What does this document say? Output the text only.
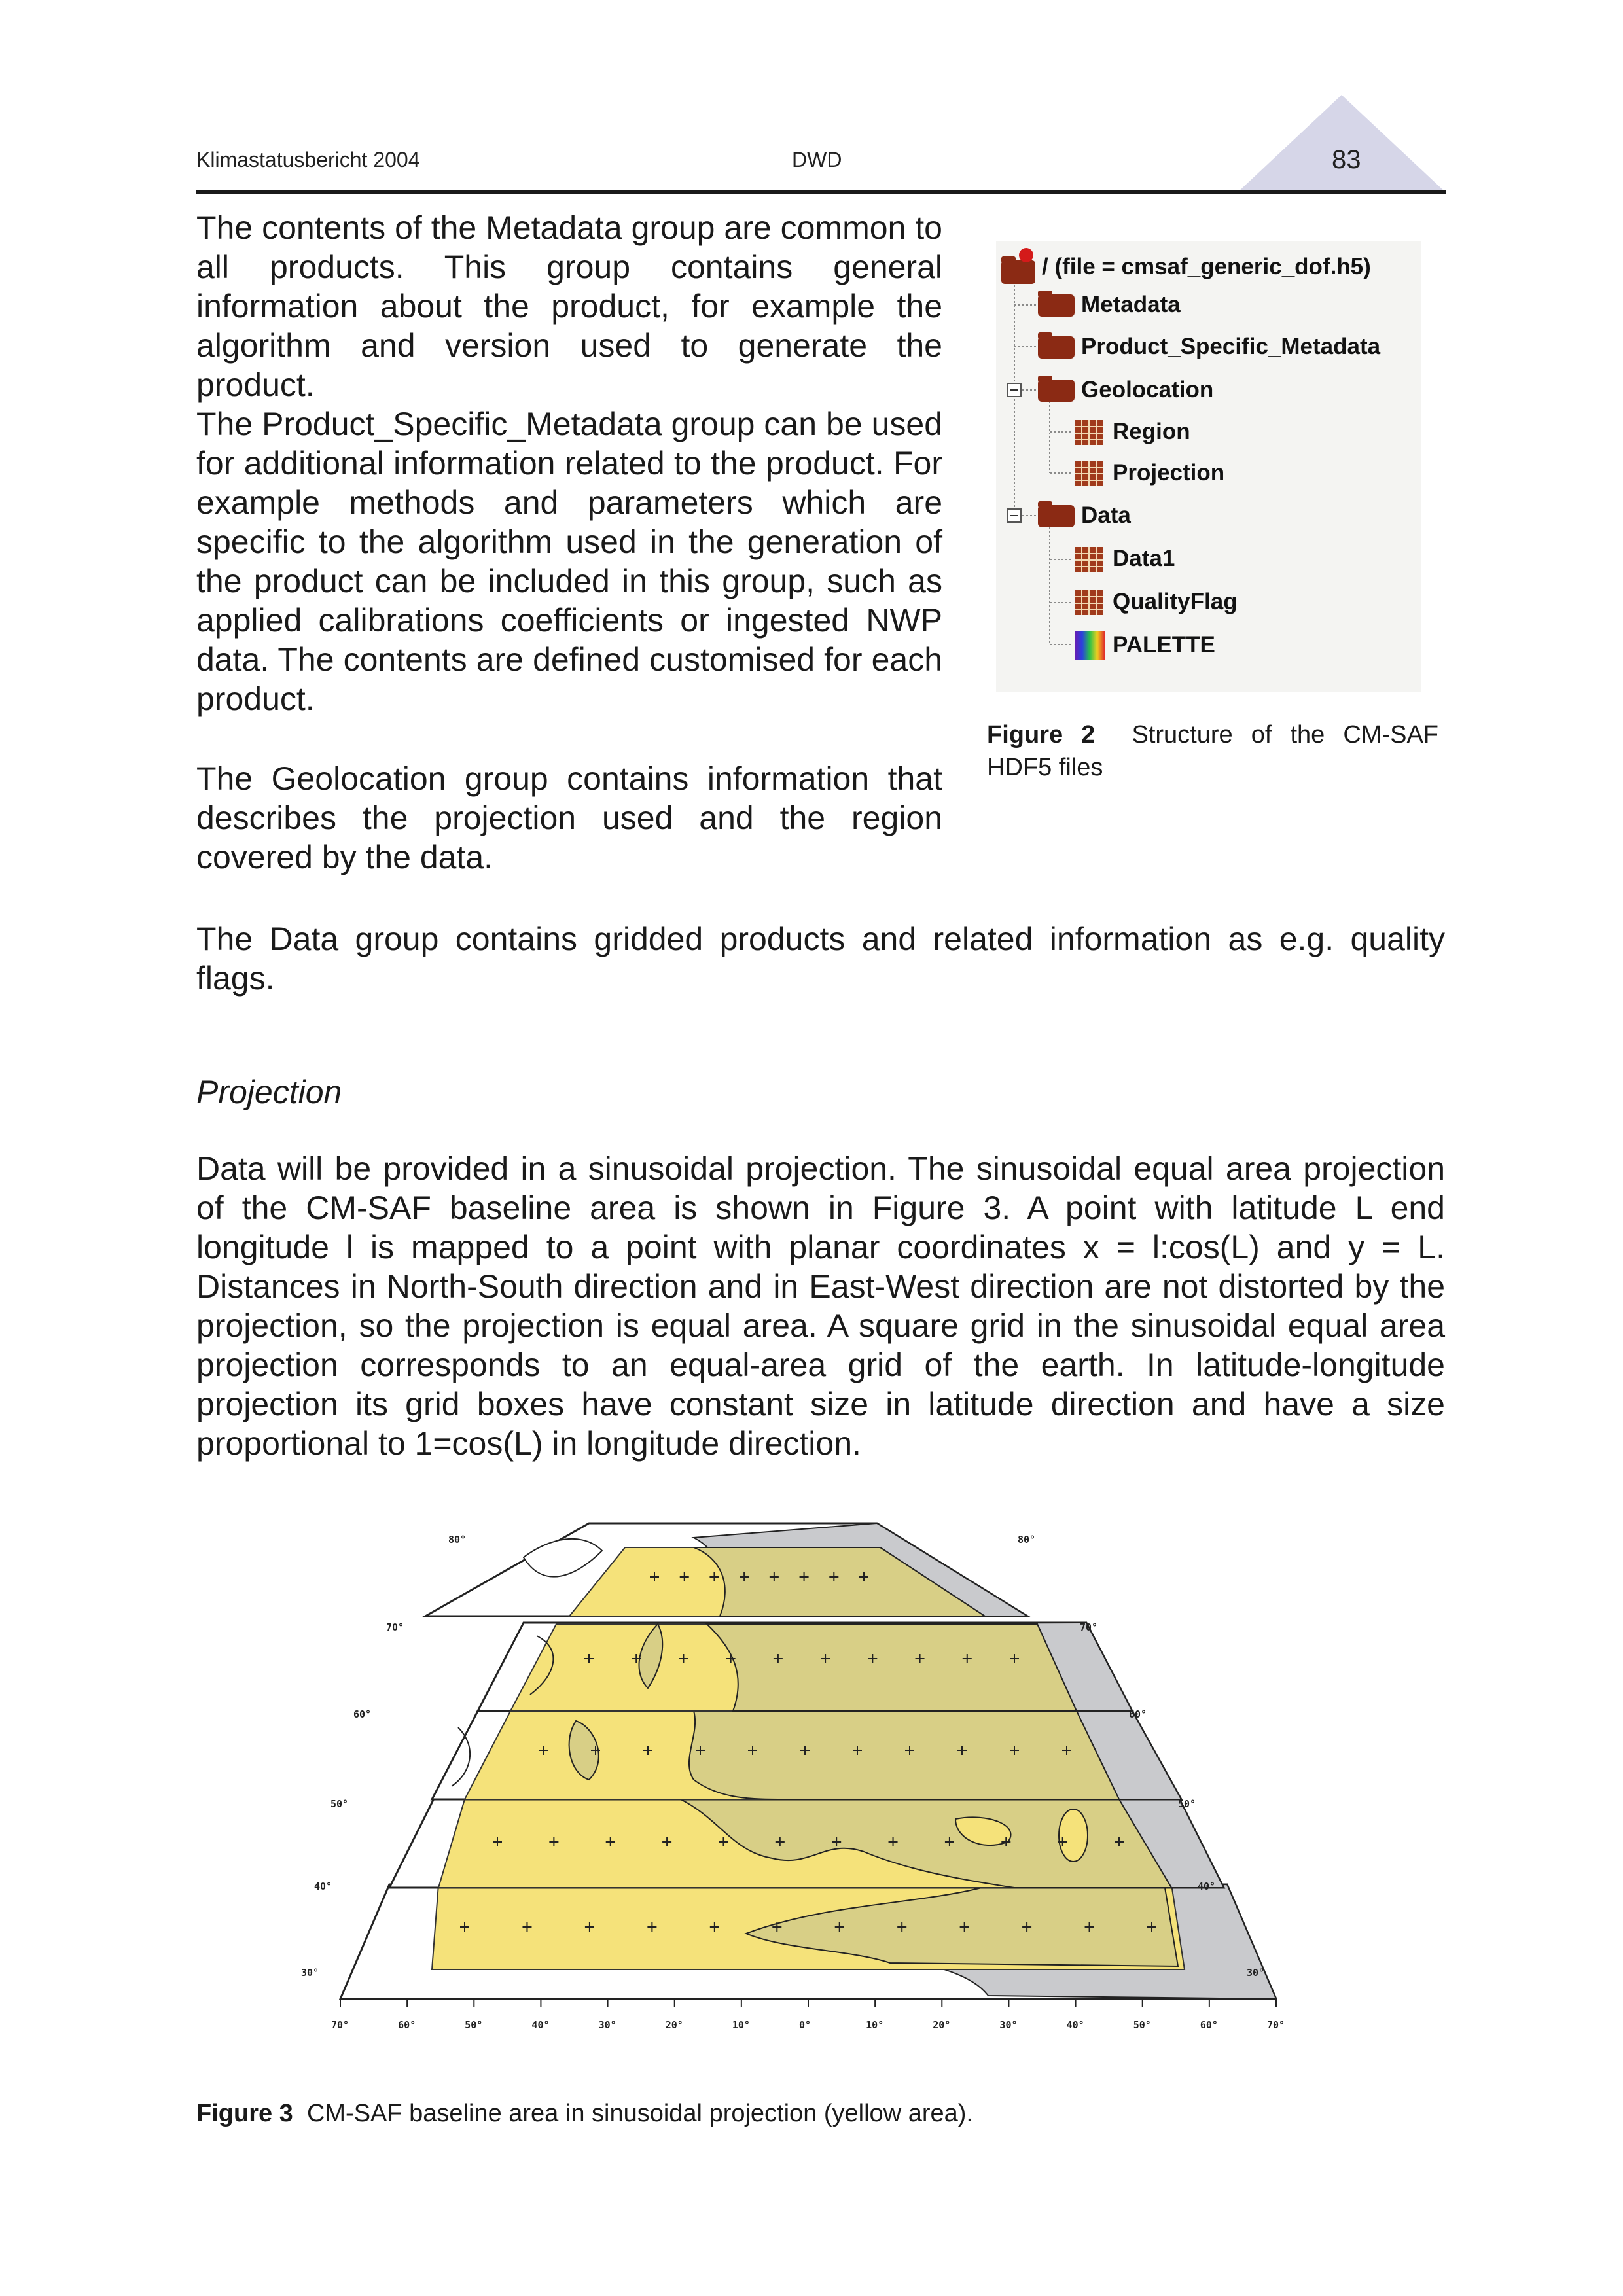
Klimastatusbericht 2004	DWD	83
The contents of the Metadata group are common to all products. This group contains general information about the product, for example the algorithm and version used to generate the product.
The Product_Specific_Metadata group can be used for additional information related to the product. For example methods and parameters which are specific to the algorithm used in the generation of the product can be included in this group, such as applied calibrations coefficients or ingested NWP data. The contents are defined customised for each product.
The Geolocation group contains information that describes the projection used and the region covered by the data.
The Data group contains gridded products and related information as e.g. quality flags.
Projection
Data will be provided in a sinusoidal projection. The sinusoidal equal area projection of the CM-SAF baseline area is shown in Figure 3. A point with latitude L end longitude l is mapped to a point with planar coordinates x = l:cos(L) and y = L. Distances in North-South direction and in East-West direction are not distorted by the projection, so the projection is equal area. A square grid in the sinusoidal equal area projection corresponds to an equal-area grid of the earth. In latitude-longitude projection its grid boxes have constant size in latitude direction and have a size proportional to 1=cos(L) in longitude direction.
/ (file = cmsaf_generic_dof.h5)
Metadata
Product_Specific_Metadata
Geolocation
Region
Projection
Data
Data1
QualityFlag
PALETTE
Figure 2 Structure of the CM-SAF HDF5 files
80°	80°
70°	70°
60°	60°
50°	50°
40°	40°
30°	30°
70°	60°	50°	40°	30°	20°	10°	0°	10°	20°	30°	40°	50°	60°	70°
Figure 3 CM-SAF baseline area in sinusoidal projection (yellow area).
